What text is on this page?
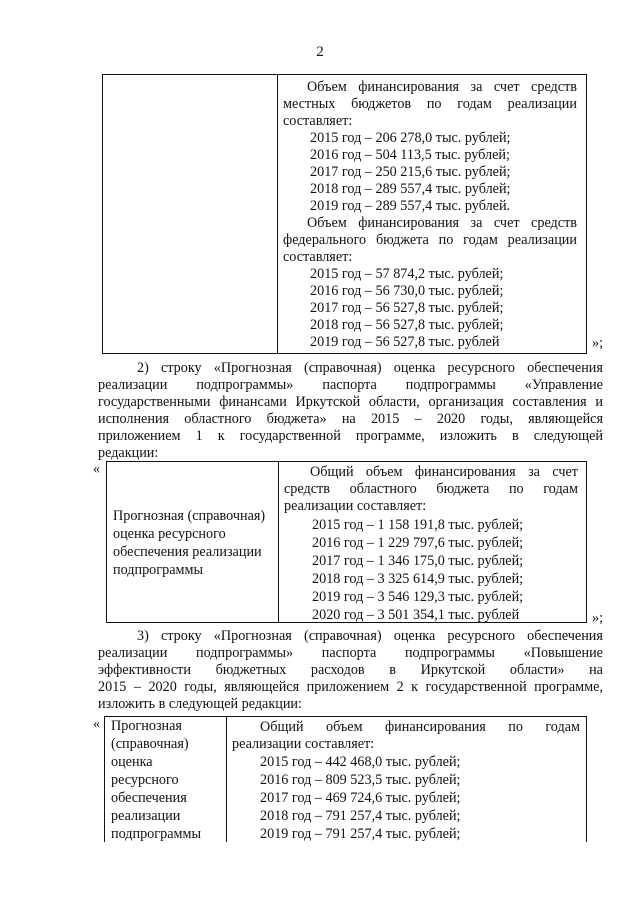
2
Объем финансирования за счет средств
местных бюджетов по годам реализации
составляет:
2015 год – 206 278,0 тыс. рублей;
2016 год – 504 113,5 тыс. рублей;
2017 год – 250 215,6 тыс. рублей;
2018 год – 289 557,4 тыс. рублей;
2019 год – 289 557,4 тыс. рублей.
Объем финансирования за счет средств
федерального бюджета по годам реализации
составляет:
2015 год – 57 874,2 тыс. рублей;
2016 год – 56 730,0 тыс. рублей;
2017 год – 56 527,8 тыс. рублей;
2018 год – 56 527,8 тыс. рублей;
2019 год – 56 527,8 тыс. рублей	»;
2) строку «Прогнозная (справочная) оценка ресурсного обеспечения
реализации подпрограммы» паспорта подпрограммы «Управление
государственными финансами Иркутской области, организация составления и
исполнения областного бюджета» на 2015 – 2020 годы, являющейся
приложением 1 к государственной программе, изложить в следующей
редакции:
«
Прогнозная (справочная)
оценка ресурсного
обеспечения реализации
подпрограммы
Общий объем финансирования за счет
средств областного бюджета по годам
реализации составляет:
2015 год – 1 158 191,8 тыс. рублей;
2016 год – 1 229 797,6 тыс. рублей;
2017 год – 1 346 175,0 тыс. рублей;
2018 год – 3 325 614,9 тыс. рублей;
2019 год – 3 546 129,3 тыс. рублей;
2020 год – 3 501 354,1 тыс. рублей	»;
3) строку «Прогнозная (справочная) оценка ресурсного обеспечения
реализации подпрограммы» паспорта подпрограммы «Повышение
эффективности бюджетных расходов в Иркутской области» на
2015 – 2020 годы, являющейся приложением 2 к государственной программе,
изложить в следующей редакции:
« Прогнозная
(справочная)
оценка
ресурсного
обеспечения
реализации
подпрограммы
Общий объем финансирования по годам
реализации составляет:
2015 год – 442 468,0 тыс. рублей;
2016 год – 809 523,5 тыс. рублей;
2017 год – 469 724,6 тыс. рублей;
2018 год – 791 257,4 тыс. рублей;
2019 год – 791 257,4 тыс. рублей;
